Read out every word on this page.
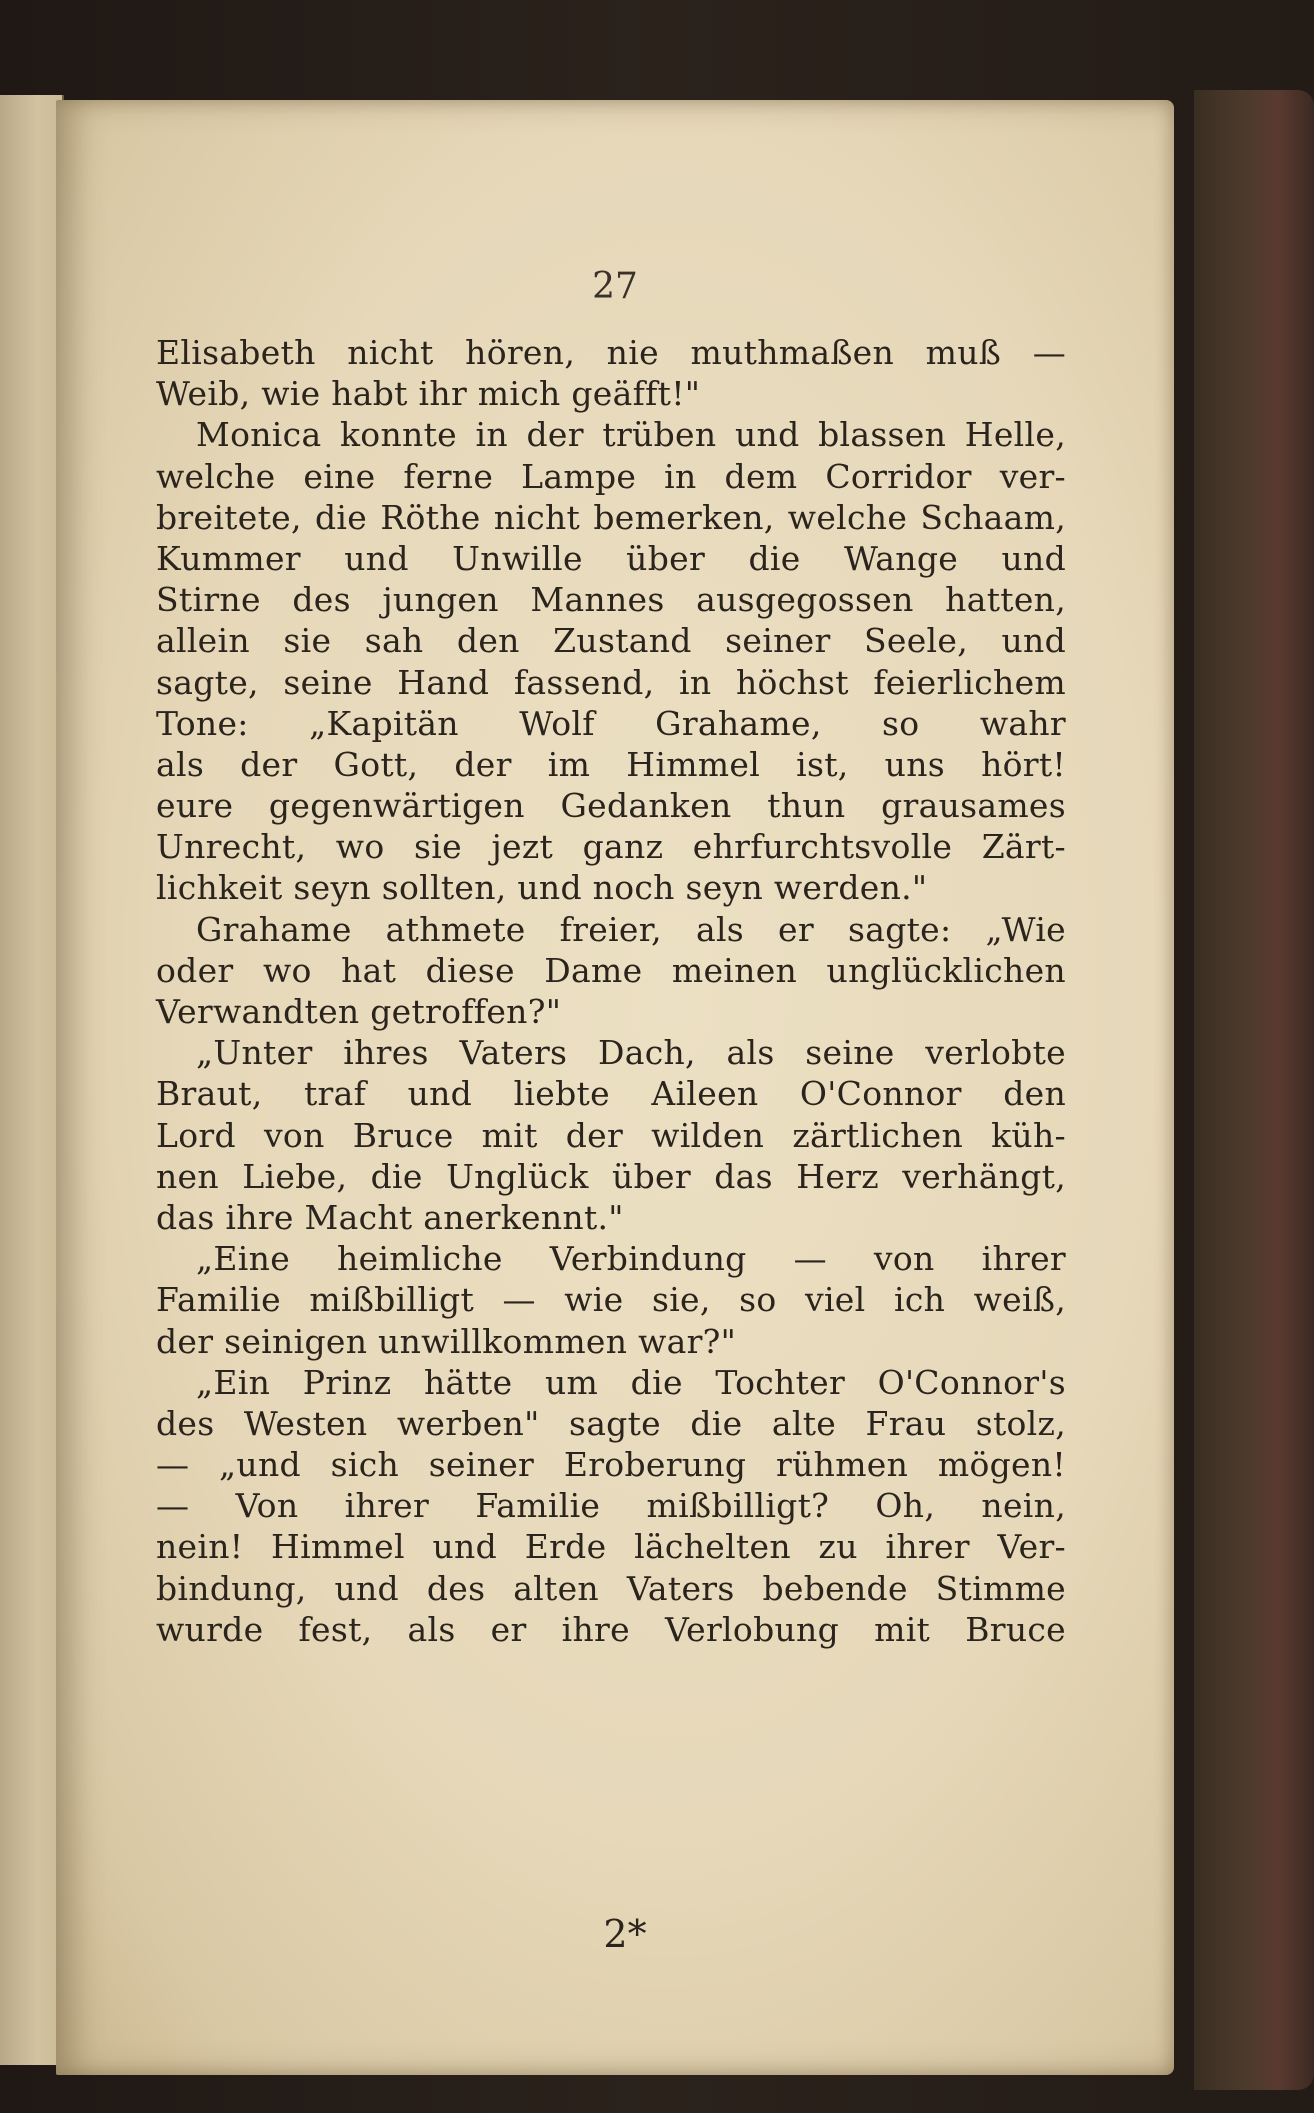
27
Elisabeth nicht hören, nie muthmaßen muß —
Weib, wie habt ihr mich geäfft!"
Monica konnte in der trüben und blassen Helle,
welche eine ferne Lampe in dem Corridor ver-
breitete, die Röthe nicht bemerken, welche Schaam,
Kummer und Unwille über die Wange und
Stirne des jungen Mannes ausgegossen hatten,
allein sie sah den Zustand seiner Seele, und
sagte, seine Hand fassend, in höchst feierlichem
Tone: „Kapitän Wolf Grahame, so wahr
als der Gott, der im Himmel ist, uns hört!
eure gegenwärtigen Gedanken thun grausames
Unrecht, wo sie jezt ganz ehrfurchtsvolle Zärt-
lichkeit seyn sollten, und noch seyn werden."
Grahame athmete freier, als er sagte: „Wie
oder wo hat diese Dame meinen unglücklichen
Verwandten getroffen?"
„Unter ihres Vaters Dach, als seine verlobte
Braut, traf und liebte Aileen O'Connor den
Lord von Bruce mit der wilden zärtlichen küh-
nen Liebe, die Unglück über das Herz verhängt,
das ihre Macht anerkennt."
„Eine heimliche Verbindung — von ihrer
Familie mißbilligt — wie sie, so viel ich weiß,
der seinigen unwillkommen war?"
„Ein Prinz hätte um die Tochter O'Connor's
des Westen werben" sagte die alte Frau stolz,
— „und sich seiner Eroberung rühmen mögen!
— Von ihrer Familie mißbilligt? Oh, nein,
nein! Himmel und Erde lächelten zu ihrer Ver-
bindung, und des alten Vaters bebende Stimme
wurde fest, als er ihre Verlobung mit Bruce
2*
